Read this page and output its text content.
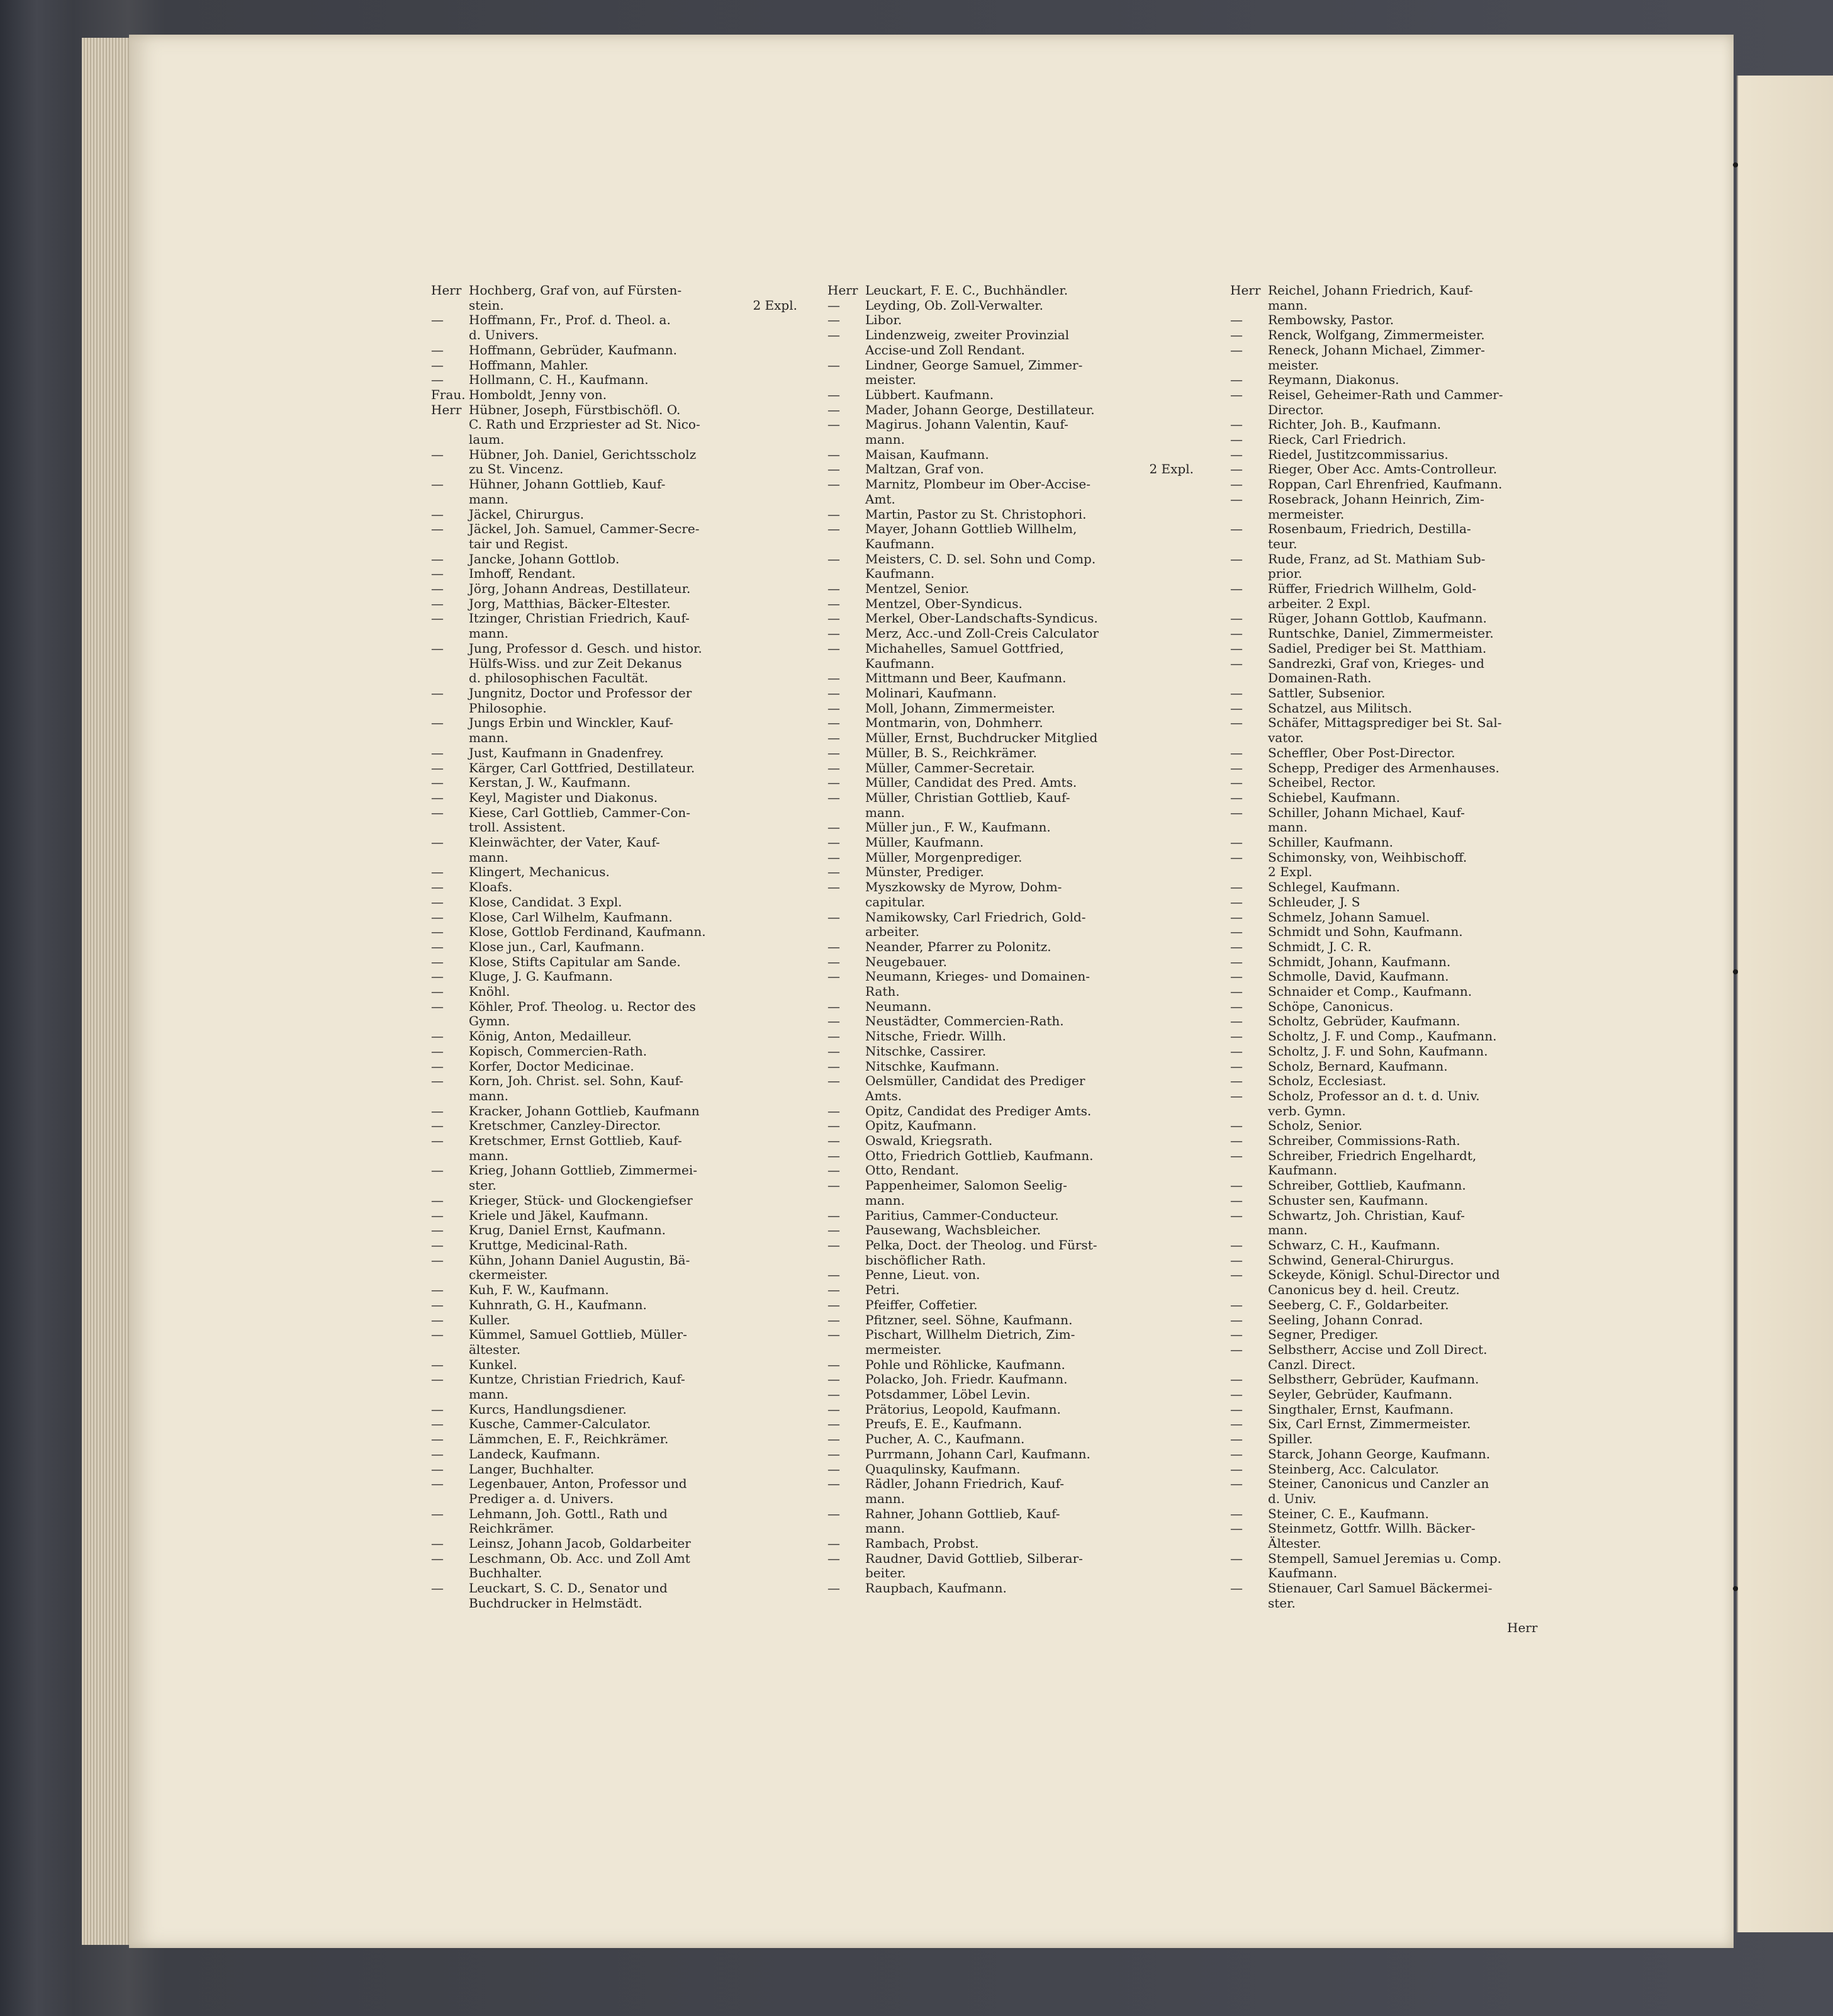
Herr Hochberg, Graf von, auf Fürsten-
stein.	2 Expl.
—	Hoffmann, Fr., Prof. d. Theol. a.
d. Univers.
—	Hoffmann, Gebrüder, Kaufmann.
—	Hoffmann, Mahler.
—	Hollmann, C. H., Kaufmann.
Frau. Homboldt, Jenny von.
Herr Hübner, Joseph, Fürstbischöfl. O.
C. Rath und Erzpriester ad St. Nico-
laum.
—	Hübner, Joh. Daniel, Gerichtsscholz
zu St. Vincenz.
—	Hühner, Johann Gottlieb, Kauf-
mann.
—	Jäckel, Chirurgus.
—	Jäckel, Joh. Samuel, Cammer-Secre-
tair und Regist.
—	Jancke, Johann Gottlob.
—	Imhoff, Rendant.
—	Jörg, Johann Andreas, Destillateur.
—	Jorg, Matthias, Bäcker-Eltester.
—	Itzinger, Christian Friedrich, Kauf-
mann.
—	Jung, Professor d. Gesch. und histor.
Hülfs-Wiss. und zur Zeit Dekanus
d. philosophischen Facultät.
—	Jungnitz, Doctor und Professor der
Philosophie.
—	Jungs Erbin und Winckler, Kauf-
mann.
—	Just, Kaufmann in Gnadenfrey.
—	Kärger, Carl Gottfried, Destillateur.
—	Kerstan, J. W., Kaufmann.
—	Keyl, Magister und Diakonus.
—	Kiese, Carl Gottlieb, Cammer-Con-
troll. Assistent.
—	Kleinwächter, der Vater, Kauf-
mann.
—	Klingert, Mechanicus.
—	Kloafs.
—	Klose, Candidat. 3 Expl.
—	Klose, Carl Wilhelm, Kaufmann.
—	Klose, Gottlob Ferdinand, Kaufmann.
—	Klose jun., Carl, Kaufmann.
—	Klose, Stifts Capitular am Sande.
—	Kluge, J. G. Kaufmann.
—	Knöhl.
—	Köhler, Prof. Theolog. u. Rector des
Gymn.
—	König, Anton, Medailleur.
—	Kopisch, Commercien-Rath.
—	Korfer, Doctor Medicinae.
—	Korn, Joh. Christ. sel. Sohn, Kauf-
mann.
—	Kracker, Johann Gottlieb, Kaufmann
—	Kretschmer, Canzley-Director.
—	Kretschmer, Ernst Gottlieb, Kauf-
mann.
—	Krieg, Johann Gottlieb, Zimmermei-
ster.
—	Krieger, Stück- und Glockengiefser
—	Kriele und Jäkel, Kaufmann.
—	Krug, Daniel Ernst, Kaufmann.
—	Kruttge, Medicinal-Rath.
—	Kühn, Johann Daniel Augustin, Bä-
ckermeister.
—	Kuh, F. W., Kaufmann.
—	Kuhnrath, G. H., Kaufmann.
—	Kuller.
—	Kümmel, Samuel Gottlieb, Müller-
ältester.
—	Kunkel.
—	Kuntze, Christian Friedrich, Kauf-
mann.
—	Kurcs, Handlungsdiener.
—	Kusche, Cammer-Calculator.
—	Lämmchen, E. F., Reichkrämer.
—	Landeck, Kaufmann.
—	Langer, Buchhalter.
—	Legenbauer, Anton, Professor und
Prediger a. d. Univers.
—	Lehmann, Joh. Gottl., Rath und
Reichkrämer.
—	Leinsz, Johann Jacob, Goldarbeiter
—	Leschmann, Ob. Acc. und Zoll Amt
Buchhalter.
—	Leuckart, S. C. D., Senator und
Buchdrucker in Helmstädt.
Herr Leuckart, F. E. C., Buchhändler.
—	Leyding, Ob. Zoll-Verwalter.
—	Libor.
—	Lindenzweig, zweiter Provinzial
Accise-und Zoll Rendant.
—	Lindner, George Samuel, Zimmer-
meister.
—	Lübbert. Kaufmann.
—	Mader, Johann George, Destillateur.
—	Magirus. Johann Valentin, Kauf-
mann.
—	Maisan, Kaufmann.
—	Maltzan, Graf von.	2 Expl.
—	Marnitz, Plombeur im Ober-Accise-
Amt.
—	Martin, Pastor zu St. Christophori.
—	Mayer, Johann Gottlieb Willhelm,
Kaufmann.
—	Meisters, C. D. sel. Sohn und Comp.
Kaufmann.
—	Mentzel, Senior.
—	Mentzel, Ober-Syndicus.
—	Merkel, Ober-Landschafts-Syndicus.
—	Merz, Acc.-und Zoll-Creis Calculator
—	Michahelles, Samuel Gottfried,
Kaufmann.
—	Mittmann und Beer, Kaufmann.
—	Molinari, Kaufmann.
—	Moll, Johann, Zimmermeister.
—	Montmarin, von, Dohmherr.
—	Müller, Ernst, Buchdrucker Mitglied
—	Müller, B. S., Reichkrämer.
—	Müller, Cammer-Secretair.
—	Müller, Candidat des Pred. Amts.
—	Müller, Christian Gottlieb, Kauf-
mann.
—	Müller jun., F. W., Kaufmann.
—	Müller, Kaufmann.
—	Müller, Morgenprediger.
—	Münster, Prediger.
—	Myszkowsky de Myrow, Dohm-
capitular.
—	Namikowsky, Carl Friedrich, Gold-
arbeiter.
—	Neander, Pfarrer zu Polonitz.
—	Neugebauer.
—	Neumann, Krieges- und Domainen-
Rath.
—	Neumann.
—	Neustädter, Commercien-Rath.
—	Nitsche, Friedr. Willh.
—	Nitschke, Cassirer.
—	Nitschke, Kaufmann.
—	Oelsmüller, Candidat des Prediger
Amts.
—	Opitz, Candidat des Prediger Amts.
—	Opitz, Kaufmann.
—	Oswald, Kriegsrath.
—	Otto, Friedrich Gottlieb, Kaufmann.
—	Otto, Rendant.
—	Pappenheimer, Salomon Seelig-
mann.
—	Paritius, Cammer-Conducteur.
—	Pausewang, Wachsbleicher.
—	Pelka, Doct. der Theolog. und Fürst-
bischöflicher Rath.
—	Penne, Lieut. von.
—	Petri.
—	Pfeiffer, Coffetier.
—	Pfitzner, seel. Söhne, Kaufmann.
—	Pischart, Willhelm Dietrich, Zim-
mermeister.
—	Pohle und Röhlicke, Kaufmann.
—	Polacko, Joh. Friedr. Kaufmann.
—	Potsdammer, Löbel Levin.
—	Prätorius, Leopold, Kaufmann.
—	Preufs, E. E., Kaufmann.
—	Pucher, A. C., Kaufmann.
—	Purrmann, Johann Carl, Kaufmann.
—	Quaqulinsky, Kaufmann.
—	Rädler, Johann Friedrich, Kauf-
mann.
—	Rahner, Johann Gottlieb, Kauf-
mann.
—	Rambach, Probst.
—	Raudner, David Gottlieb, Silberar-
beiter.
—	Raupbach, Kaufmann.
Herr Reichel, Johann Friedrich, Kauf-
mann.
—	Rembowsky, Pastor.
—	Renck, Wolfgang, Zimmermeister.
—	Reneck, Johann Michael, Zimmer-
meister.
—	Reymann, Diakonus.
—	Reisel, Geheimer-Rath und Cammer-
Director.
—	Richter, Joh. B., Kaufmann.
—	Rieck, Carl Friedrich.
—	Riedel, Justitzcommissarius.
—	Rieger, Ober Acc. Amts-Controlleur.
—	Roppan, Carl Ehrenfried, Kaufmann.
—	Rosebrack, Johann Heinrich, Zim-
mermeister.
—	Rosenbaum, Friedrich, Destilla-
teur.
—	Rude, Franz, ad St. Mathiam Sub-
prior.
—	Rüffer, Friedrich Willhelm, Gold-
arbeiter. 2 Expl.
—	Rüger, Johann Gottlob, Kaufmann.
—	Runtschke, Daniel, Zimmermeister.
—	Sadiel, Prediger bei St. Matthiam.
—	Sandrezki, Graf von, Krieges- und
Domainen-Rath.
—	Sattler, Subsenior.
—	Schatzel, aus Militsch.
—	Schäfer, Mittagsprediger bei St. Sal-
vator.
—	Scheffler, Ober Post-Director.
—	Schepp, Prediger des Armenhauses.
—	Scheibel, Rector.
—	Schiebel, Kaufmann.
—	Schiller, Johann Michael, Kauf-
mann.
—	Schiller, Kaufmann.
—	Schimonsky, von, Weihbischoff.
2 Expl.
—	Schlegel, Kaufmann.
—	Schleuder, J. S
—	Schmelz, Johann Samuel.
—	Schmidt und Sohn, Kaufmann.
—	Schmidt, J. C. R.
—	Schmidt, Johann, Kaufmann.
—	Schmolle, David, Kaufmann.
—	Schnaider et Comp., Kaufmann.
—	Schöpe, Canonicus.
—	Scholtz, Gebrüder, Kaufmann.
—	Scholtz, J. F. und Comp., Kaufmann.
—	Scholtz, J. F. und Sohn, Kaufmann.
—	Scholz, Bernard, Kaufmann.
—	Scholz, Ecclesiast.
—	Scholz, Professor an d. t. d. Univ.
verb. Gymn.
—	Scholz, Senior.
—	Schreiber, Commissions-Rath.
—	Schreiber, Friedrich Engelhardt,
Kaufmann.
—	Schreiber, Gottlieb, Kaufmann.
—	Schuster sen, Kaufmann.
—	Schwartz, Joh. Christian, Kauf-
mann.
—	Schwarz, C. H., Kaufmann.
—	Schwind, General-Chirurgus.
—	Sckeyde, Königl. Schul-Director und
Canonicus bey d. heil. Creutz.
—	Seeberg, C. F., Goldarbeiter.
—	Seeling, Johann Conrad.
—	Segner, Prediger.
—	Selbstherr, Accise und Zoll Direct.
Canzl. Direct.
—	Selbstherr, Gebrüder, Kaufmann.
—	Seyler, Gebrüder, Kaufmann.
—	Singthaler, Ernst, Kaufmann.
—	Six, Carl Ernst, Zimmermeister.
—	Spiller.
—	Starck, Johann George, Kaufmann.
—	Steinberg, Acc. Calculator.
—	Steiner, Canonicus und Canzler an
d. Univ.
—	Steiner, C. E., Kaufmann.
—	Steinmetz, Gottfr. Willh. Bäcker-
Ältester.
—	Stempell, Samuel Jeremias u. Comp.
Kaufmann.
—	Stienauer, Carl Samuel Bäckermei-
ster.
Herr
